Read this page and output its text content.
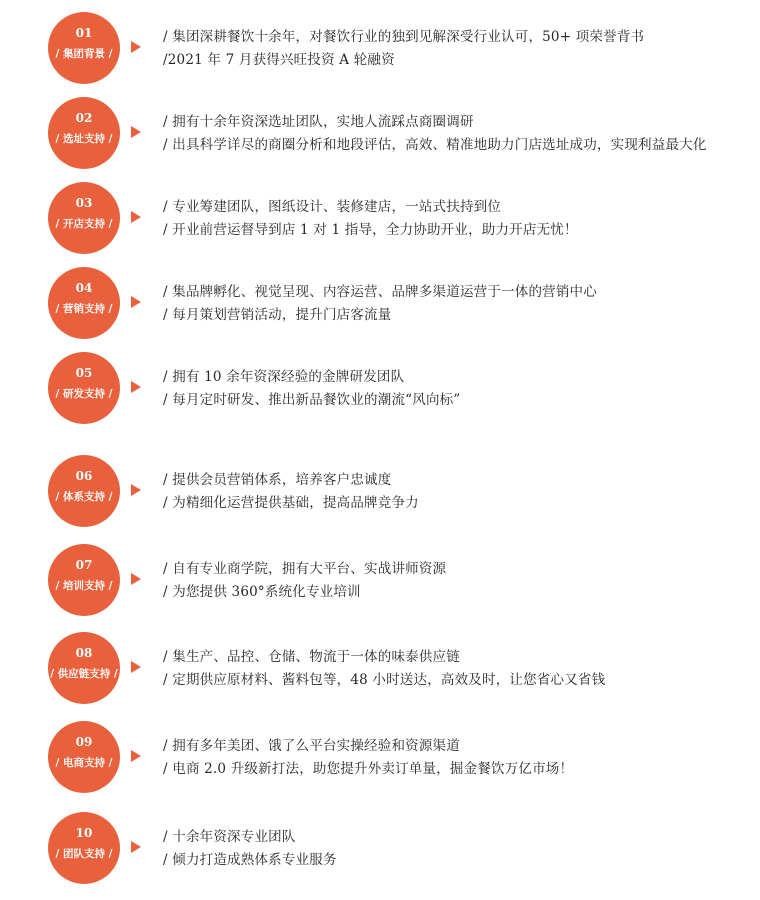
01
/ 集团背景 /
/ 集团深耕餐饮十余年，对餐饮行业的独到见解深受行业认可，50+ 项荣誉背书
/2021 年 7 月获得兴旺投资 A 轮融资
02
/ 选址支持 /
/ 拥有十余年资深选址团队，实地人流踩点商圈调研
/ 出具科学详尽的商圈分析和地段评估，高效、精准地助力门店选址成功，实现利益最大化
03
/ 开店支持 /
/ 专业筹建团队，图纸设计、装修建店，一站式扶持到位
/ 开业前营运督导到店 1 对 1 指导，全力协助开业，助力开店无忧！
04
/ 营销支持 /
/ 集品牌孵化、视觉呈现、内容运营、品牌多渠道运营于一体的营销中心
/ 每月策划营销活动，提升门店客流量
05
/ 研发支持 /
/ 拥有 10 余年资深经验的金牌研发团队
/ 每月定时研发、推出新品餐饮业的潮流“风向标”
06
/ 体系支持 /
/ 提供会员营销体系，培养客户忠诚度
/ 为精细化运营提供基础，提高品牌竞争力
07
/ 培训支持 /
/ 自有专业商学院，拥有大平台、实战讲师资源
/ 为您提供 360°系统化专业培训
08
/ 供应链支持 /
/ 集生产、品控、仓储、物流于一体的味泰供应链
/ 定期供应原材料、酱料包等，48 小时送达，高效及时，让您省心又省钱
09
/ 电商支持 /
/ 拥有多年美团、饿了么平台实操经验和资源渠道
/ 电商 2.0 升级新打法，助您提升外卖订单量，掘金餐饮万亿市场！
10
/ 团队支持 /
/ 十余年资深专业团队
/ 倾力打造成熟体系专业服务
